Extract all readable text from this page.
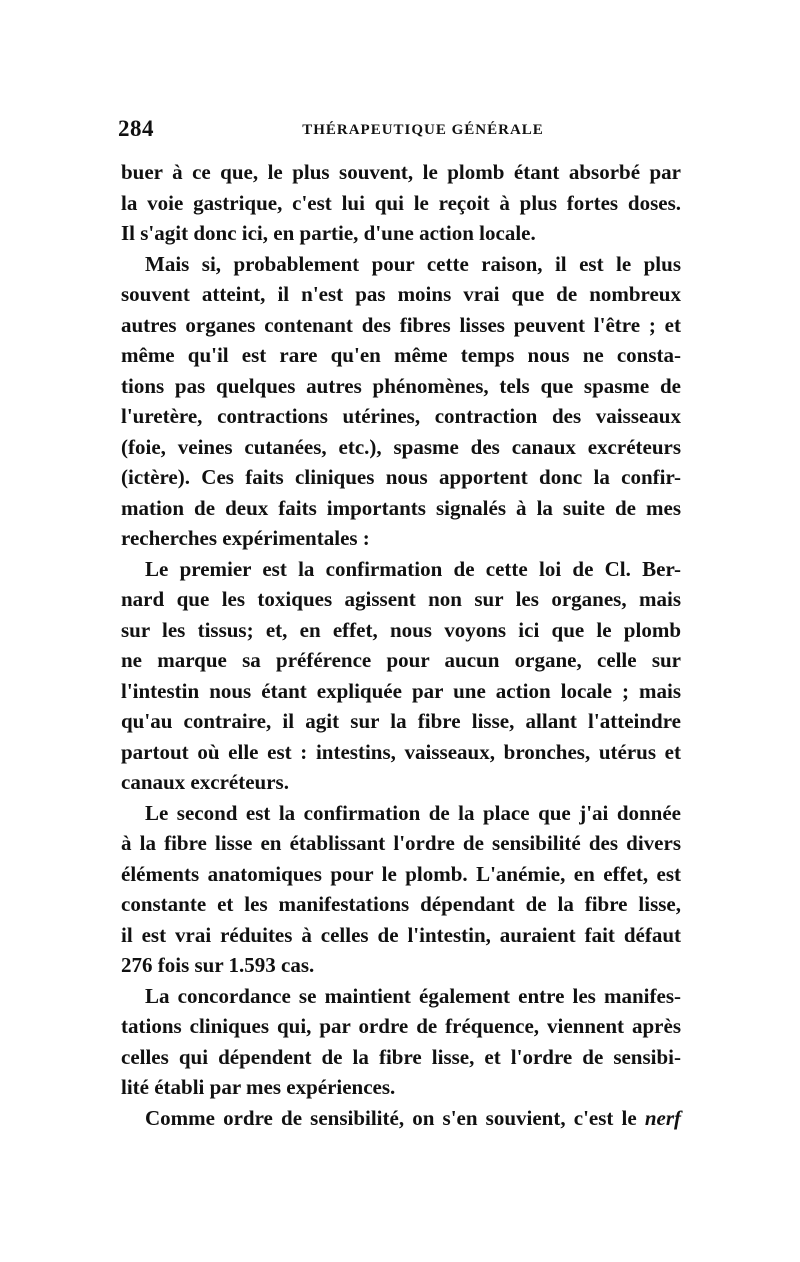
284	THÉRAPEUTIQUE GÉNÉRALE
buer à ce que, le plus souvent, le plomb étant absorbé par
la voie gastrique, c'est lui qui le reçoit à plus fortes doses.
Il s'agit donc ici, en partie, d'une action locale.
Mais si, probablement pour cette raison, il est le plus
souvent atteint, il n'est pas moins vrai que de nombreux
autres organes contenant des fibres lisses peuvent l'être ; et
même qu'il est rare qu'en même temps nous ne consta-
tions pas quelques autres phénomènes, tels que spasme de
l'uretère, contractions utérines, contraction des vaisseaux
(foie, veines cutanées, etc.), spasme des canaux excréteurs
(ictère). Ces faits cliniques nous apportent donc la confir-
mation de deux faits importants signalés à la suite de mes
recherches expérimentales :
Le premier est la confirmation de cette loi de Cl. Ber-
nard que les toxiques agissent non sur les organes, mais
sur les tissus; et, en effet, nous voyons ici que le plomb
ne marque sa préférence pour aucun organe, celle sur
l'intestin nous étant expliquée par une action locale ; mais
qu'au contraire, il agit sur la fibre lisse, allant l'atteindre
partout où elle est : intestins, vaisseaux, bronches, utérus et
canaux excréteurs.
Le second est la confirmation de la place que j'ai donnée
à la fibre lisse en établissant l'ordre de sensibilité des divers
éléments anatomiques pour le plomb. L'anémie, en effet, est
constante et les manifestations dépendant de la fibre lisse,
il est vrai réduites à celles de l'intestin, auraient fait défaut
276 fois sur 1.593 cas.
La concordance se maintient également entre les manifes-
tations cliniques qui, par ordre de fréquence, viennent après
celles qui dépendent de la fibre lisse, et l'ordre de sensibi-
lité établi par mes expériences.
Comme ordre de sensibilité, on s'en souvient, c'est le nerf
